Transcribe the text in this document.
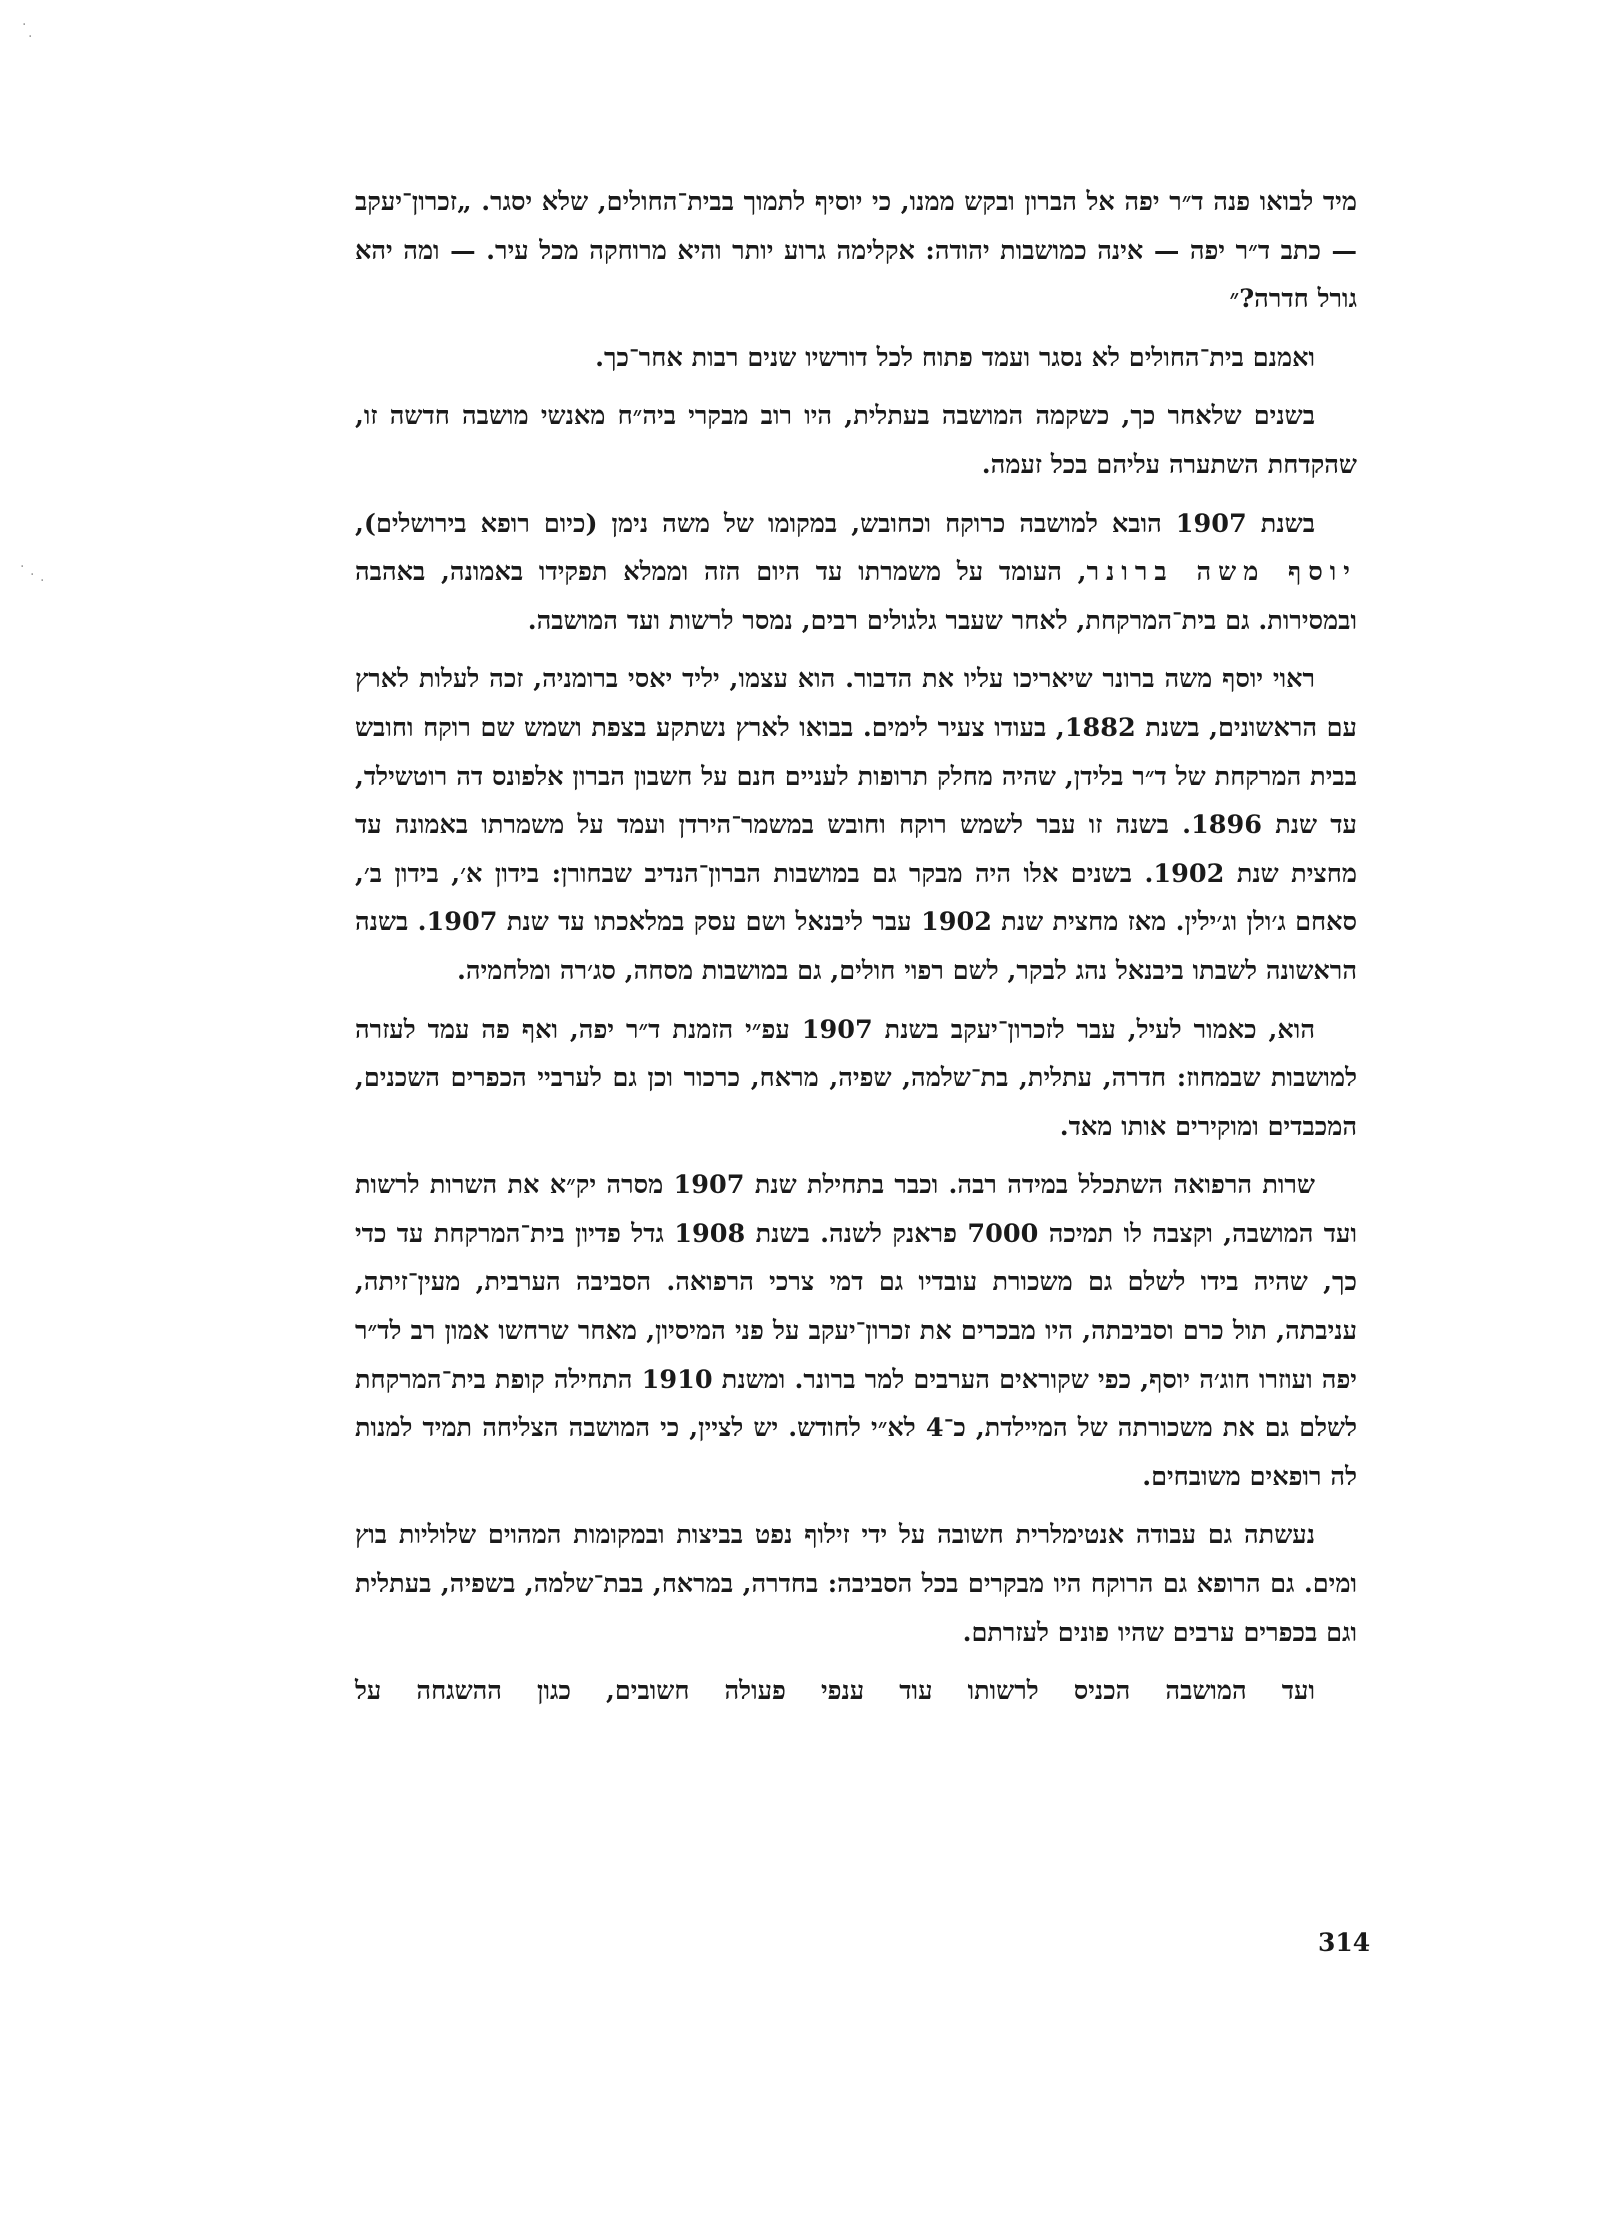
·
·
· · ·

מיד לבואו פנה ד״ר יפה אל הברון ובקש ממנו, כי יוסיף לתמוך בבית־החולים, שלא יסגר. „זכרון־יעקב — כתב ד״ר יפה — אינה כמושבות יהודה: אקלימה גרוע יותר והיא מרוחקה מכל עיר. — ומה יהא גורל חדרה?״

ואמנם בית־החולים לא נסגר ועמד פתוח לכל דורשיו שנים רבות אחר־כך.

בשנים שלאחר כך, כשקמה המושבה בעתלית, היו רוב מבקרי ביה״ח מאנשי מושבה חדשה זו, שהקדחת השתערה עליהם בכל זעמה.

בשנת 1907 הובא למושבה כרוקח וכחובש, במקומו של משה נימן (כיום רופא בירושלים), יוסף משה ברונר, העומד על משמרתו עד היום הזה וממלא תפקידו באמונה, באהבה ובמסירות. גם בית־המרקחת, לאחר שעבר גלגולים רבים, נמסר לרשות ועד המושבה.

ראוי יוסף משה ברונר שיאריכו עליו את הדבור. הוא עצמו, יליד יאסי ברומניה, זכה לעלות לארץ עם הראשונים, בשנת 1882, בעודו צעיר לימים. בבואו לארץ נשתקע בצפת ושמש שם רוקח וחובש בבית המרקחת של ד״ר בלידן, שהיה מחלק תרופות לעניים חנם על חשבון הברון אלפונס דה רוטשילד, עד שנת 1896. בשנה זו עבר לשמש רוקח וחובש במשמר־הירדן ועמד על משמרתו באמונה עד מחצית שנת 1902. בשנים אלו היה מבקר גם במושבות הברון־הנדיב שבחורן: בידון א׳, בידון ב׳, סאחם ג׳ולן וג׳ילין. מאז מחצית שנת 1902 עבר ליבנאל ושם עסק במלאכתו עד שנת 1907. בשנה הראשונה לשבתו ביבנאל נהג לבקר, לשם רפוי חולים, גם במושבות מסחה, סג׳רה ומלחמיה.

הוא, כאמור לעיל, עבר לזכרון־יעקב בשנת 1907 עפ״י הזמנת ד״ר יפה, ואף פה עמד לעזרה למושבות שבמחוז: חדרה, עתלית, בת־שלמה, שפיה, מראח, כרכור וכן גם לערביי הכפרים השכנים, המכבדים ומוקירים אותו מאד.

שרות הרפואה השתכלל במידה רבה. וכבר בתחילת שנת 1907 מסרה יק״א את השרות לרשות ועד המושבה, וקצבה לו תמיכה 7000 פראנק לשנה. בשנת 1908 גדל פדיון בית־המרקחת עד כדי כך, שהיה בידו לשלם גם משכורת עובדיו גם דמי צרכי הרפואה. הסביבה הערבית, מעין־זיתה, עניבתה, תול כרם וסביבתה, היו מבכרים את זכרון־יעקב על פני המיסיון, מאחר שרחשו אמון רב לד״ר יפה ועוזרו חוג׳ה יוסף, כפי שקוראים הערבים למר ברונר. ומשנת 1910 התחילה קופת בית־המרקחת לשלם גם את משכורתה של המיילדת, כ־4 לא״י לחודש. יש לציין, כי המושבה הצליחה תמיד למנות לה רופאים משובחים.

נעשתה גם עבודה אנטימלרית חשובה על ידי זילוף נפט בביצות ובמקומות המהוים שלוליות בוץ ומים. גם הרופא גם הרוקח היו מבקרים בכל הסביבה: בחדרה, במראח, בבת־שלמה, בשפיה, בעתלית וגם בכפרים ערבים שהיו פונים לעזרתם.

ועד המושבה הכניס לרשותו עוד ענפי פעולה חשובים, כגון ההשגחה על

314
